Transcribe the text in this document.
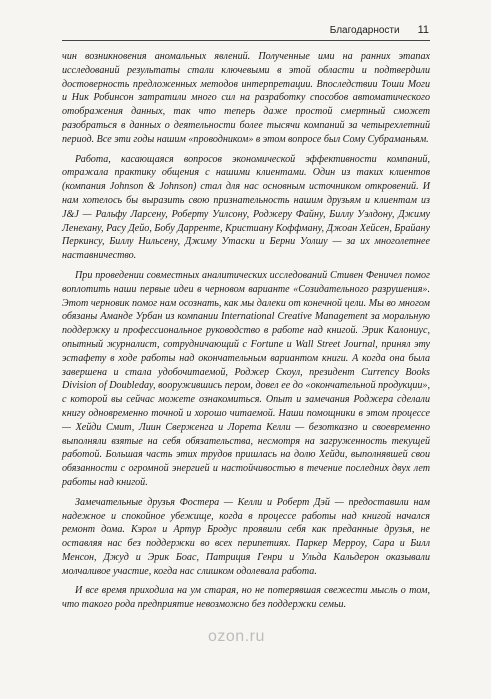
Благодарности	11

чин возникновения аномальных явлений. Полученные ими на ранних этапах исследований результаты стали ключевыми в этой области и подтвердили достоверность предложенных методов интерпретации. Впоследствии Тоши Моги и Ник Робинсон затратили много сил на разработку способов автоматического отображения данных, так что теперь даже простой смертный сможет разобраться в данных о деятельности более тысячи компаний за четырехлетний период. Все эти годы нашим «проводником» в этом вопросе был Сому Субраманьям.

Работа, касающаяся вопросов экономической эффективности компаний, отражала практику общения с нашими клиентами. Один из таких клиентов (компания Johnson & Johnson) стал для нас основным источником откровений. И нам хотелось бы выразить свою признательность нашим друзьям и клиентам из J&J — Ральфу Ларсену, Роберту Уилсону, Роджеру Файну, Биллу Уэлдону, Джиму Ленехану, Расу Дейо, Бобу Даррентe, Кристиану Коффману, Джоан Хейсен, Брайану Перкинсу, Биллу Нильсену, Джиму Утаски и Берни Уолшу — за их многолетнее наставничество.

При проведении совместных аналитических исследований Стивен Феничел помог воплотить наши первые идеи в черновом варианте «Созидательного разрушения». Этот черновик помог нам осознать, как мы далеки от конечной цели. Мы во многом обязаны Аманде Урбан из компании International Creative Management за моральную поддержку и профессиональное руководство в работе над книгой. Эрик Калониус, опытный журналист, сотрудничающий с Fortune и Wall Street Journal, принял эту эстафету в ходе работы над окончательным вариантом книги. А когда она была завершена и стала удобочитаемой, Роджер Скоул, президент Currency Books Division of Doubleday, вооружившись пером, довел ее до «окончательной продукции», с которой вы сейчас можете ознакомиться. Опыт и замечания Роджера сделали книгу одновременно точной и хорошо читаемой. Наши помощники в этом процессе — Хейди Смит, Лиин Сверженга и Лорета Келли — безотказно и своевременно выполняли взятые на себя обязательства, несмотря на загруженность текущей работой. Большая часть этих трудов пришлась на долю Хейди, выполнявшей свои обязанности с огромной энергией и настойчивостью в течение последних двух лет работы над книгой.

Замечательные друзья Фостера — Келли и Роберт Дэй — предоставили нам надежное и спокойное убежище, когда в процессе работы над книгой начался ремонт дома. Кэрол и Артур Бродус проявили себя как преданные друзья, не оставляя нас без поддержки во всех перипетиях. Паркер Меррoу, Сара и Билл Менсон, Джуд и Эрик Боас, Патриция Генри и Ульда Кальдерон оказывали молчаливое участие, когда нас слишком одолевала работа.

И все время приходила на ум старая, но не потерявшая свежести мысль о том, что такого рода предприятие невозможно без поддержки семьи.

ozon.ru
